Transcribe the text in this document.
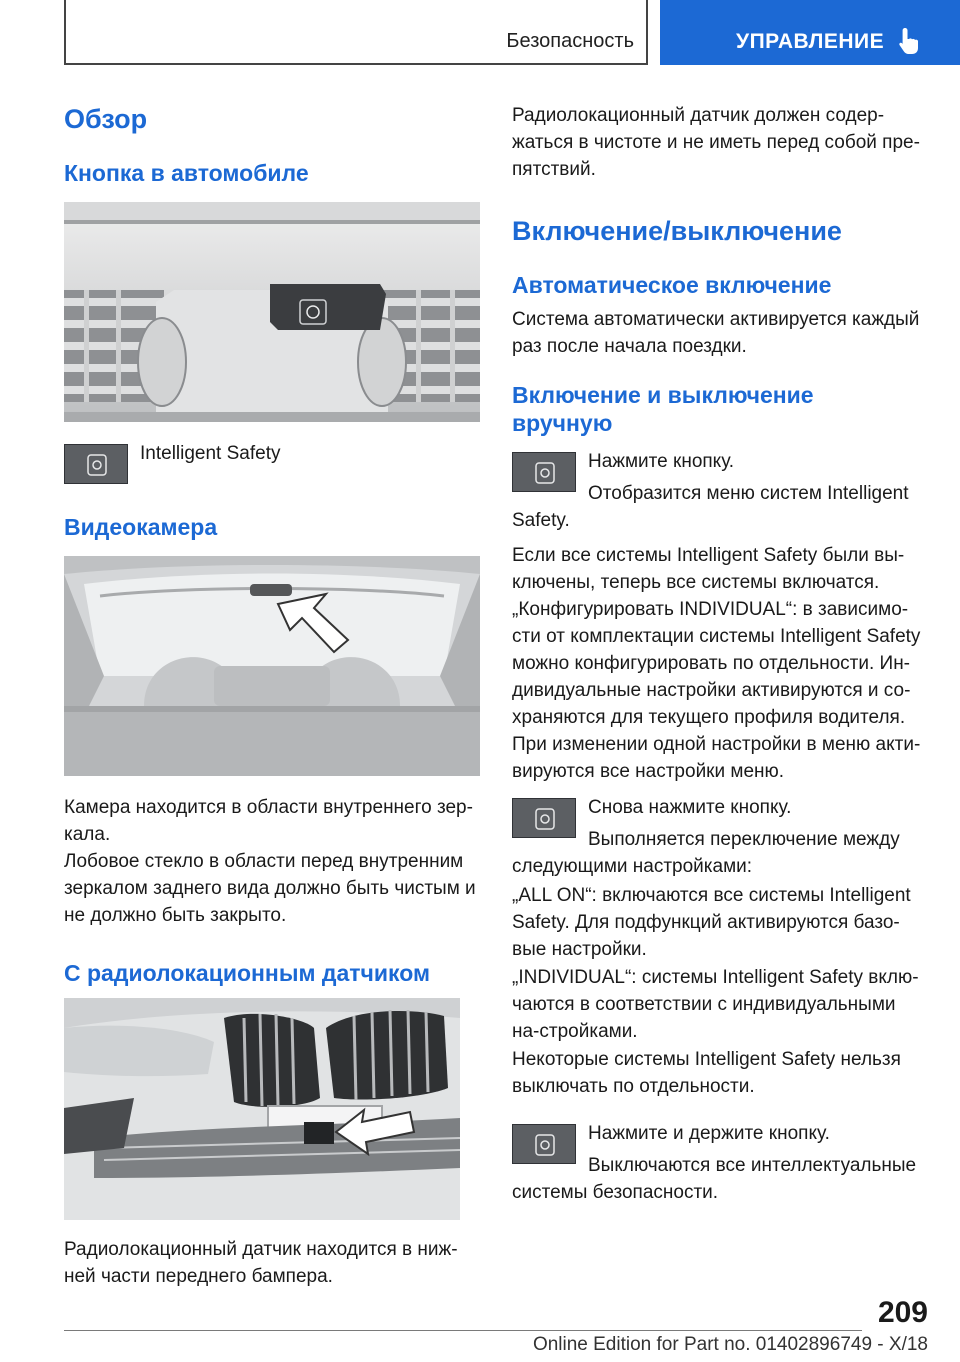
Безопасность	УПРАВЛЕНИЕ
Обзор
Кнопка в автомобиле
Intelligent Safety
Видеокамера
Камера находится в области внутреннего зер-кала.
Лобовое стекло в области перед внутренним зеркалом заднего вида должно быть чистым и не должно быть закрыто.
С радиолокационным датчиком
Радиолокационный датчик находится в ниж-ней части переднего бампера.
Радиолокационный датчик должен содер-жаться в чистоте и не иметь перед собой пре-пятствий.
Включение/выключение
Автоматическое включение
Система автоматически активируется каждый раз после начала поездки.
Включение и выключение
вручную
Нажмите кнопку.
Отобразится меню систем Intelligent Safety.
Если все системы Intelligent Safety были вы-ключены, теперь все системы включатся.
„Конфигурировать INDIVIDUAL“: в зависимо-сти от комплектации системы Intelligent Safety можно конфигурировать по отдельности. Ин-дивидуальные настройки активируются и со-храняются для текущего профиля водителя. При изменении одной настройки в меню акти-вируются все настройки меню.
Снова нажмите кнопку.
Выполняется переключение между следующими настройками:
„ALL ON“: включаются все системы Intelligent Safety. Для подфункций активируются базо-вые настройки.
„INDIVIDUAL“: системы Intelligent Safety вклю-чаются в соответствии с индивидуальными на-стройками.
Некоторые системы Intelligent Safety нельзя выключать по отдельности.
Нажмите и держите кнопку.
Выключаются все интеллектуальные системы безопасности.
209
Online Edition for Part no. 01402896749 - X/18
